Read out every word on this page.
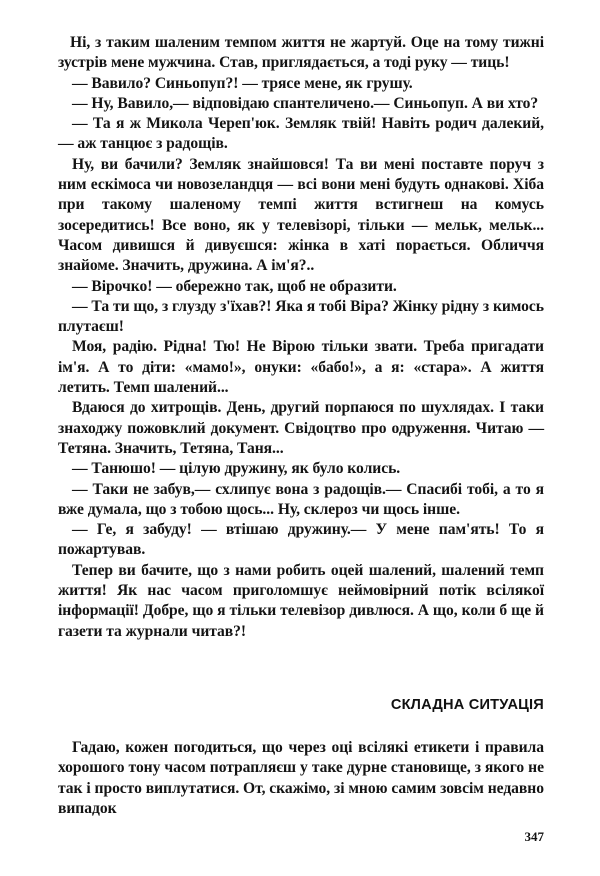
Ні, з таким шаленим темпом життя не жартуй. Оце на тому тижні зустрів мене мужчина. Став, приглядається, а тоді руку — тиць!

— Вавило? Синьопуп?! — трясе мене, як грушу.

— Ну, Вавило,— відповідаю спантеличено.— Синьопуп. А ви хто?

— Та я ж Микола Череп'юк. Земляк твій! Навіть родич далекий,— аж танцює з радощів.

Ну, ви бачили? Земляк знайшовся! Та ви мені поставте поруч з ним ескімоса чи новозеландця — всі вони мені будуть однакові. Хіба при такому шаленому темпі життя встигнеш на комусь зосередитись! Все воно, як у телевізорі, тільки — мельк, мельк... Часом дивишся й дивуєшся: жінка в хаті порається. Обличчя знайоме. Значить, дружина. А ім'я?..

— Вірочко! — обережно так, щоб не образити.

— Та ти що, з глузду з'їхав?! Яка я тобі Віра? Жінку рідну з кимось плутаєш!

Моя, радію. Рідна! Тю! Не Вірою тільки звати. Треба пригадати ім'я. А то діти: «мамо!», онуки: «бабо!», а я: «стара». А життя летить. Темп шалений...

Вдаюся до хитрощів. День, другий порпаюся по шухлядах. І таки знаходжу пожовклий документ. Свідоцтво про одруження. Читаю — Тетяна. Значить, Тетяна, Таня...

— Танюшо! — цілую дружину, як було колись.

— Таки не забув,— схлипує вона з радощів.— Спасибі тобі, а то я вже думала, що з тобою щось... Ну, склероз чи щось інше.

— Ге, я забуду! — втішаю дружину.— У мене пам'ять! То я пожартував.

Тепер ви бачите, що з нами робить оцей шалений, шалений темп життя! Як нас часом приголомшує неймовірний потік всілякої інформації! Добре, що я тільки телевізор дивлюся. А що, коли б ще й газети та журнали читав?!

СКЛАДНА СИТУАЦІЯ

Гадаю, кожен погодиться, що через оці всілякі етикети і правила хорошого тону часом потрапляєш у таке дурне становище, з якого не так і просто виплутатися. От, скажімо, зі мною самим зовсім недавно випадок

347
